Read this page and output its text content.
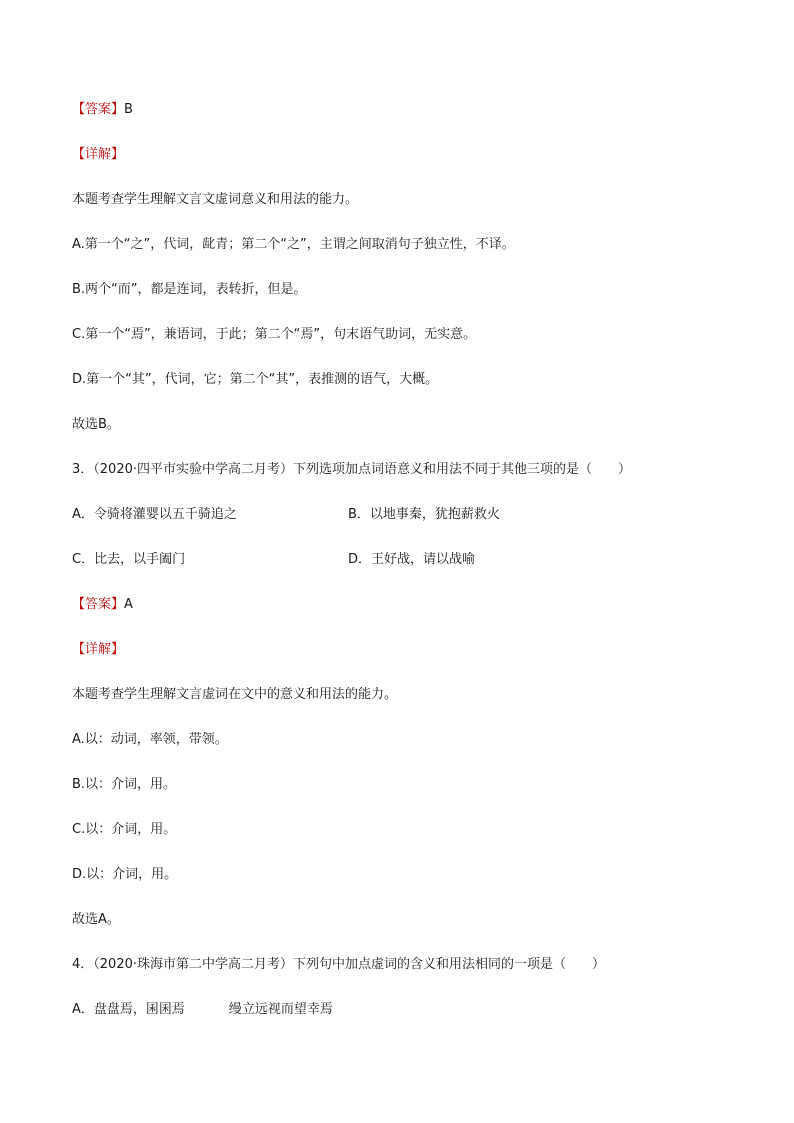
【答案】B
【详解】
本题考查学生理解文言文虚词意义和用法的能力。
A.第一个“之”，代词，龀青；第二个“之”，主谓之间取消句子独立性，不译。
B.两个“而”，都是连词，表转折，但是。
C.第一个“焉”，兼语词，于此；第二个“焉”，句末语气助词，无实意。
D.第一个“其”，代词，它；第二个“其”，表推测的语气，大概。
故选B。
3．（2020·四平市实验中学高二月考）下列选项加点词语意义和用法不同于其他三项的是（　　）
A．令骑将灌婴以五千骑追之	B．以地事秦，犹抱薪救火
C．比去，以手阖门	D．王好战，请以战喻
【答案】A
【详解】
本题考查学生理解文言虚词在文中的意义和用法的能力。
A.以：动词，率领，带领。
B.以：介词，用。
C.以：介词，用。
D.以：介词，用。
故选A。
4．（2020·珠海市第二中学高二月考）下列句中加点虚词的含义和用法相同的一项是（　　）
A．盘盘焉，囷囷焉	缦立远视而望幸焉
